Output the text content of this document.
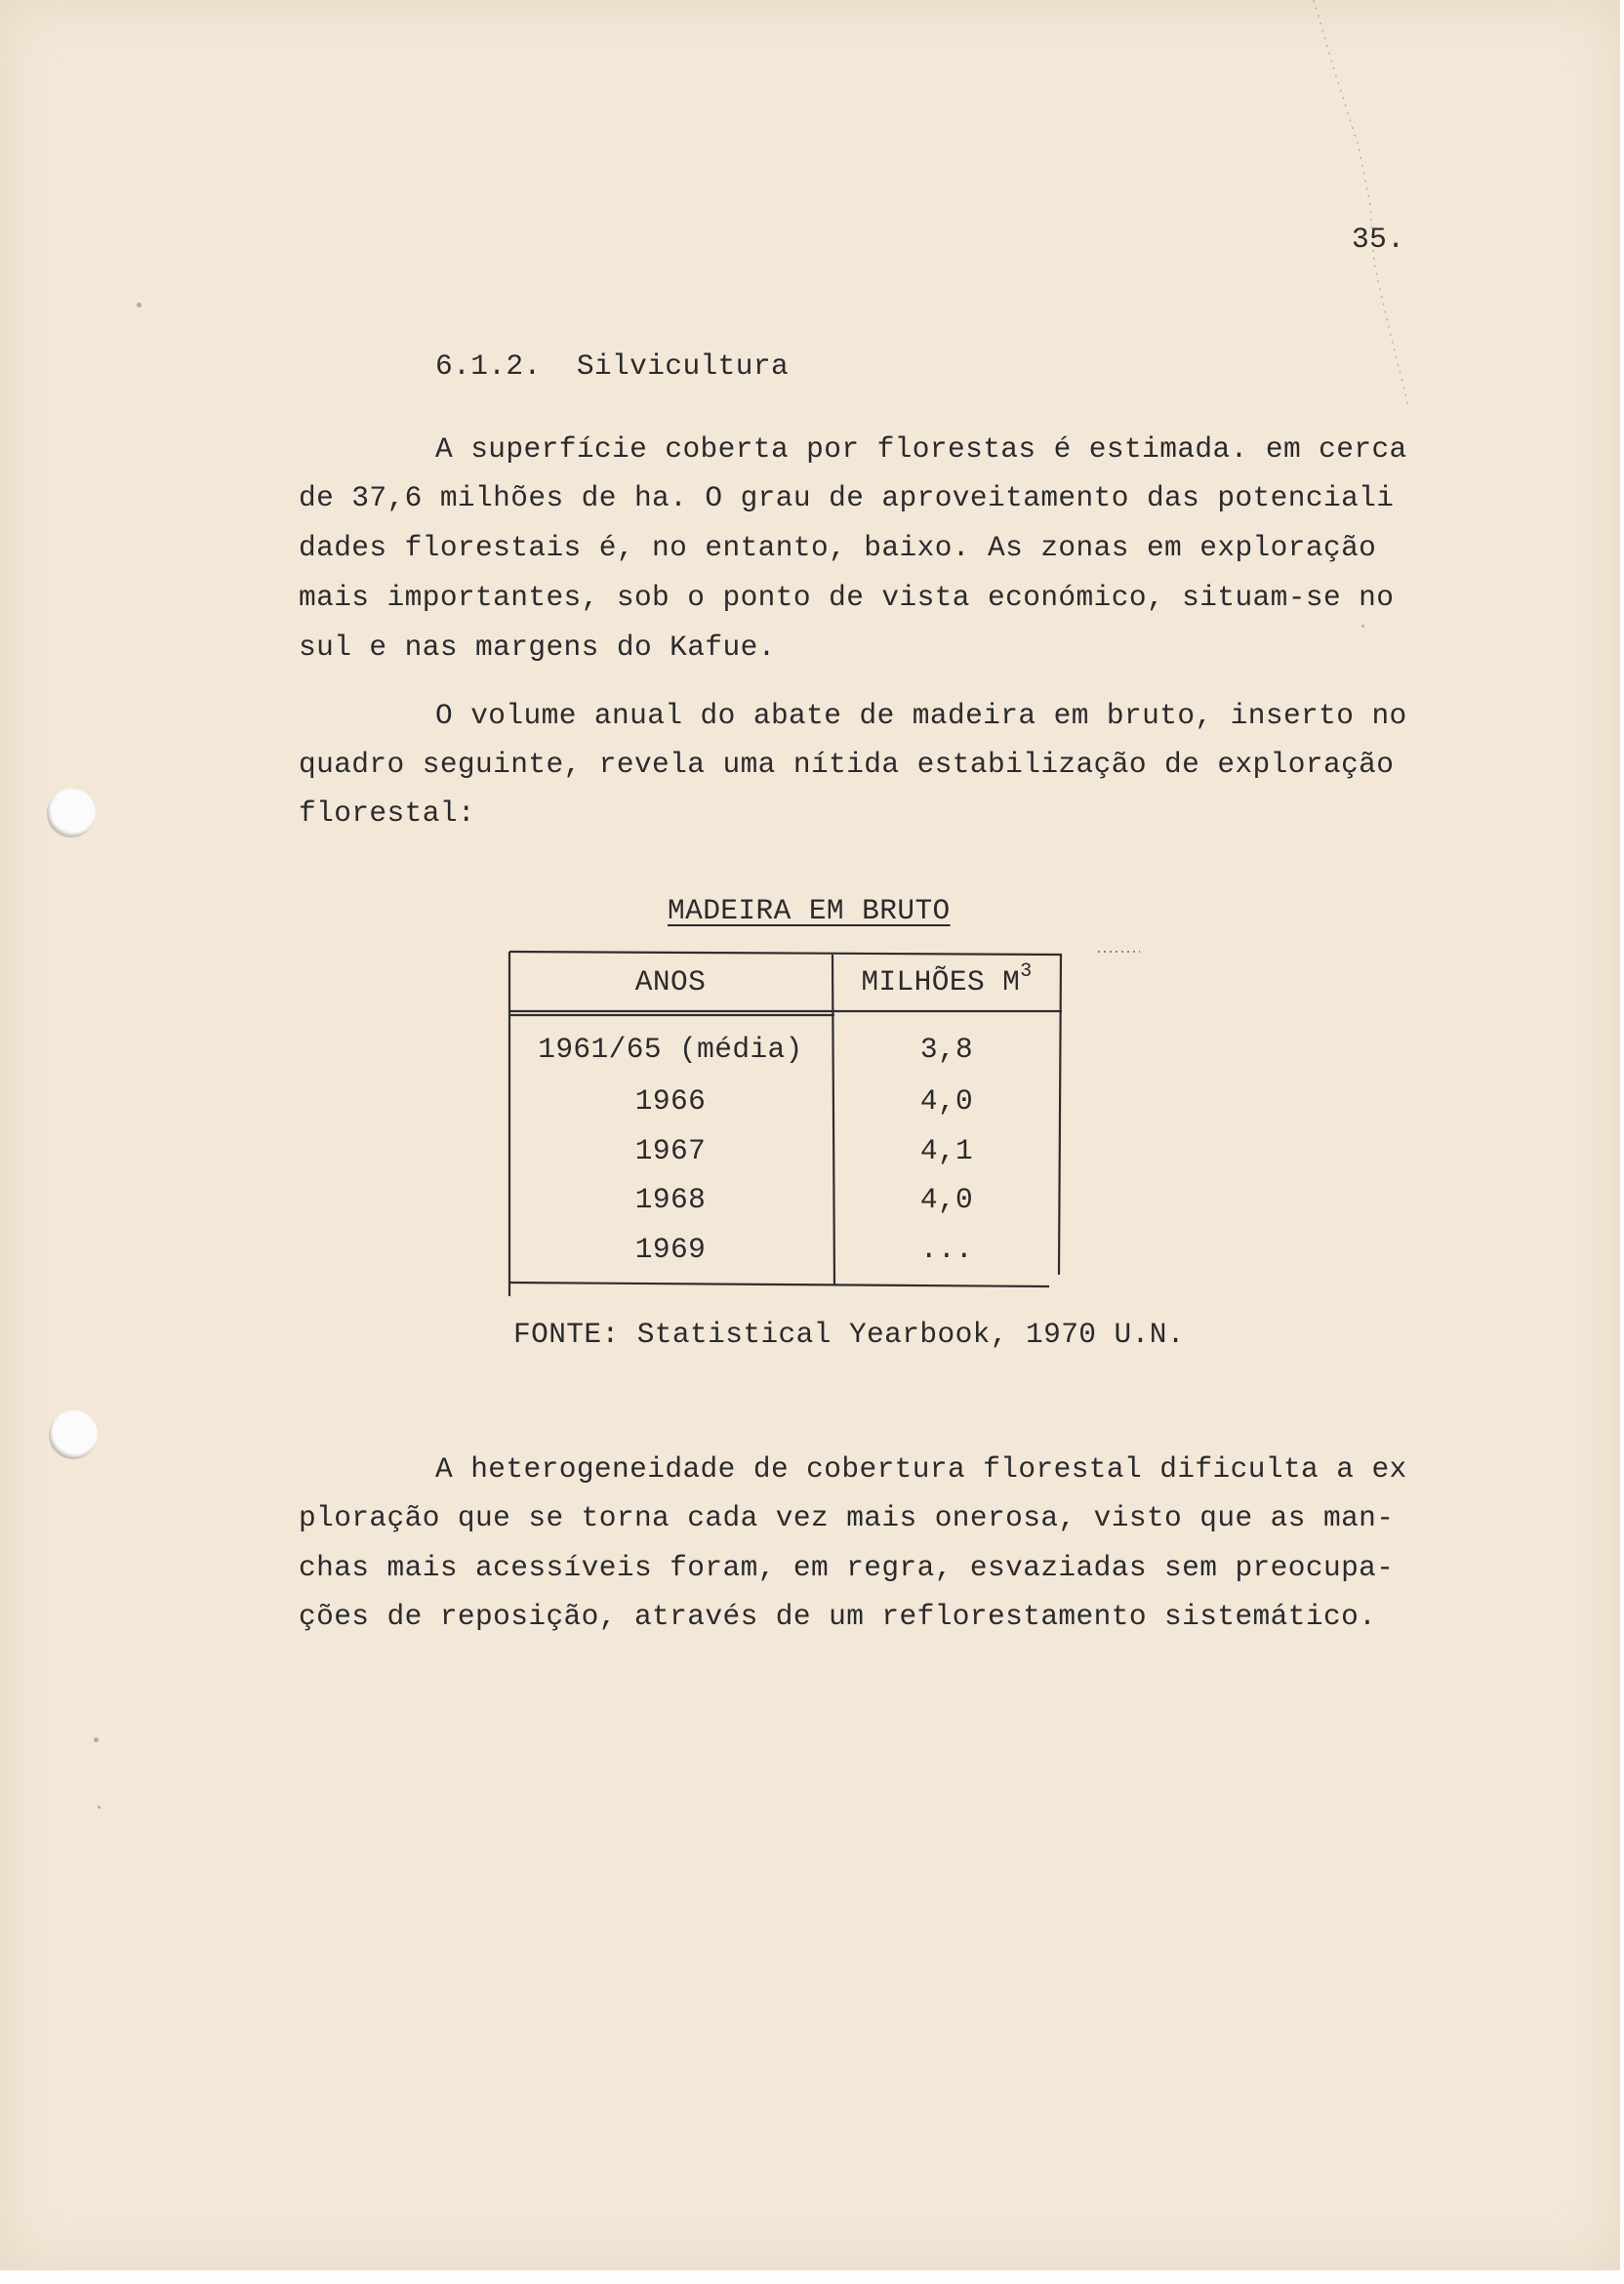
35.
6.1.2.  Silvicultura
A superfície coberta por florestas é estimada. em cerca
de 37,6 milhões de ha. O grau de aproveitamento das potenciali
dades florestais é, no entanto, baixo. As zonas em exploração
mais importantes, sob o ponto de vista económico, situam-se no
sul e nas margens do Kafue.
O volume anual do abate de madeira em bruto, inserto no
quadro seguinte, revela uma nítida estabilização de exploração
florestal:
MADEIRA EM BRUTO
ANOS	MILHÕES $M^3$
1961/65 (média)	3,8
1966	4,0
1967	4,1
1968	4,0
1969	...
FONTE: Statistical Yearbook, 1970 U.N.
A heterogeneidade de cobertura florestal dificulta a ex
ploração que se torna cada vez mais onerosa, visto que as man-
chas mais acessíveis foram, em regra, esvaziadas sem preocupa-
ções de reposição, através de um reflorestamento sistemático.
